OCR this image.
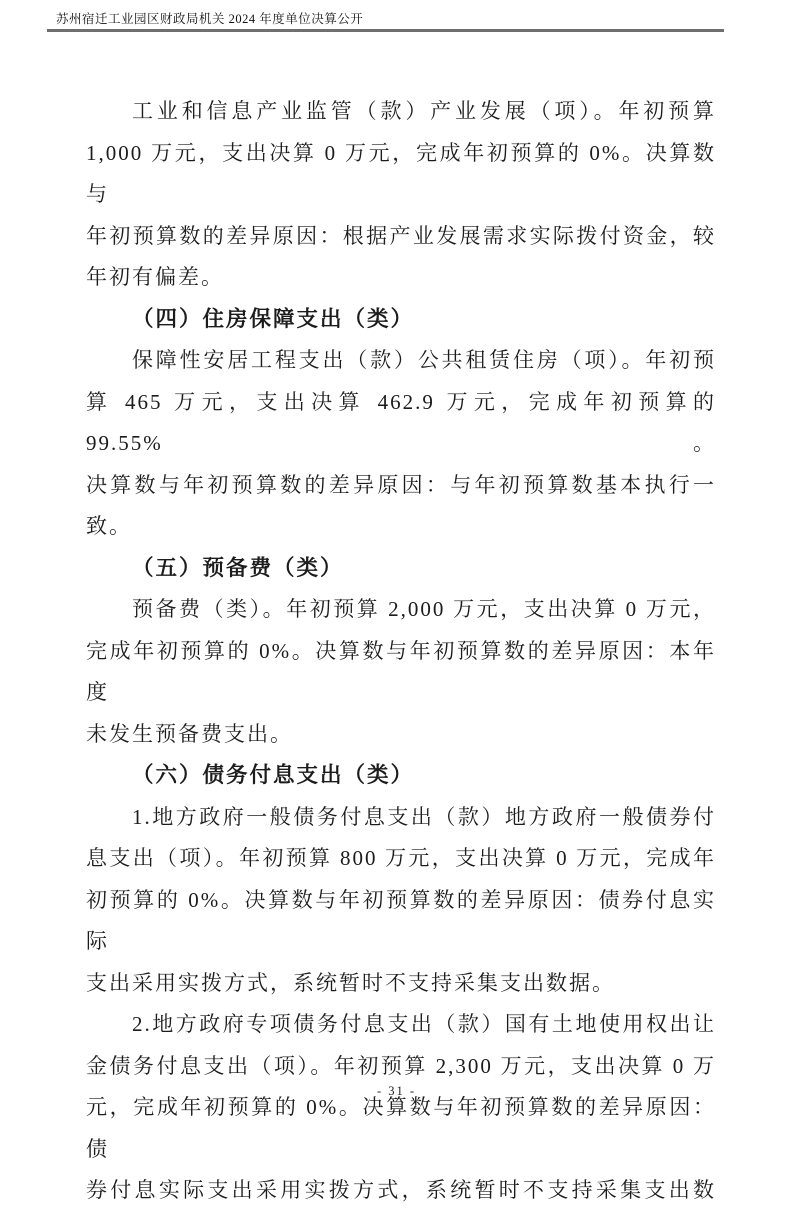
苏州宿迁工业园区财政局机关 2024 年度单位决算公开
工业和信息产业监管（款）产业发展（项）。年初预算
1,000 万元，支出决算 0 万元，完成年初预算的 0%。决算数与
年初预算数的差异原因：根据产业发展需求实际拨付资金，较
年初有偏差。
（四）住房保障支出（类）
保障性安居工程支出（款）公共租赁住房（项）。年初预
算 465 万元，支出决算 462.9 万元，完成年初预算的 99.55%。
决算数与年初预算数的差异原因：与年初预算数基本执行一
致。
（五）预备费（类）
预备费（类）。年初预算 2,000 万元，支出决算 0 万元，
完成年初预算的 0%。决算数与年初预算数的差异原因：本年度
未发生预备费支出。
（六）债务付息支出（类）
1.地方政府一般债务付息支出（款）地方政府一般债券付
息支出（项）。年初预算 800 万元，支出决算 0 万元，完成年
初预算的 0%。决算数与年初预算数的差异原因：债券付息实际
支出采用实拨方式，系统暂时不支持采集支出数据。
2.地方政府专项债务付息支出（款）国有土地使用权出让
金债务付息支出（项）。年初预算 2,300 万元，支出决算 0 万
元，完成年初预算的 0%。决算数与年初预算数的差异原因：债
券付息实际支出采用实拨方式，系统暂时不支持采集支出数
- 31 -
